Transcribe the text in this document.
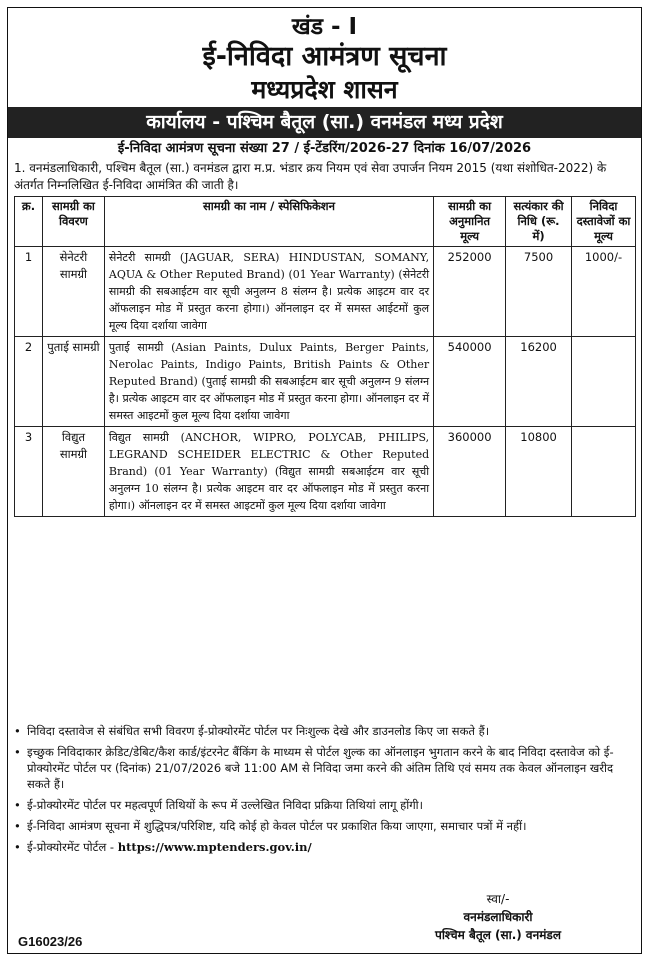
खंड - I
ई-निविदा आमंत्रण सूचना
मध्यप्रदेश शासन
कार्यालय - पश्चिम बैतूल (सा.) वनमंडल मध्य प्रदेश
ई-निविदा आमंत्रण सूचना संख्या 27 / ई-टेंडरिंग/2026-27 दिनांक 16/07/2026
1. वनमंडलाधिकारी, पश्चिम बैतूल (सा.) वनमंडल द्वारा म.प्र. भंडार क्रय नियम एवं सेवा उपार्जन नियम 2015 (यथा संशोधित-2022) के अंतर्गत निम्नलिखित ई-निविदा आमंत्रित की जाती है।
क्र.	सामग्री का विवरण	सामग्री का नाम / स्पेसिफिकेशन	सामग्री का अनुमानित मूल्य	सत्यंकार की निधि (रू. में)	निविदा दस्तावेजों का मूल्य
1	सेनेटरी सामग्री	सेनेटरी सामग्री (JAGUAR, SERA) HINDUSTAN, SOMANY, AQUA & Other Reputed Brand) (01 Year Warranty) (सेनेटरी सामग्री की सबआईटम वार सूची अनुलग्न 8 संलग्न है। प्रत्येक आइटम वार दर ऑफलाइन मोड में प्रस्तुत करना होगा।) ऑनलाइन दर में समस्त आईटमों कुल मूल्य दिया दर्शाया जावेगा	252000	7500	1000/-
2	पुताई सामग्री	पुताई सामग्री (Asian Paints, Dulux Paints, Berger Paints, Nerolac Paints, Indigo Paints, British Paints & Other Reputed Brand) (पुताई सामग्री की सबआईटम बार सूची अनुलग्न 9 संलग्न है। प्रत्येक आइटम वार दर ऑफलाइन मोड में प्रस्तुत करना होगा। ऑनलाइन दर में समस्त आइटमों कुल मूल्य दिया दर्शाया जावेगा	540000	16200	
3	विद्युत सामग्री	विद्युत सामग्री (ANCHOR, WIPRO, POLYCAB, PHILIPS, LEGRAND SCHEIDER ELECTRIC & Other Reputed Brand) (01 Year Warranty) (विद्युत सामग्री सबआईटम वार सूची अनुलग्न 10 संलग्न है। प्रत्येक आइटम वार दर ऑफलाइन मोड में प्रस्तुत करना होगा।) ऑनलाइन दर में समस्त आइटमों कुल मूल्य दिया दर्शाया जावेगा	360000	10800	
• निविदा दस्तावेज से संबंधित सभी विवरण ई-प्रोक्योरमेंट पोर्टल पर निःशुल्क देखे और डाउनलोड किए जा सकते हैं।
• इच्छुक निविदाकार क्रेडिट/डेबिट/कैश कार्ड/इंटरनेट बैंकिंग के माध्यम से पोर्टल शुल्क का ऑनलाइन भुगतान करने के बाद निविदा दस्तावेज को ई-प्रोक्योरमेंट पोर्टल पर (दिनांक) 21/07/2026 बजे 11:00 AM से निविदा जमा करने की अंतिम तिथि एवं समय तक केवल ऑनलाइन खरीद सकते हैं।
• ई-प्रोक्योरमेंट पोर्टल पर महत्वपूर्ण तिथियों के रूप में उल्लेखित निविदा प्रक्रिया तिथियां लागू होंगी।
• ई-निविदा आमंत्रण सूचना में शुद्धिपत्र/परिशिष्ट, यदि कोई हो केवल पोर्टल पर प्रकाशित किया जाएगा, समाचार पत्रों में नहीं।
• ई-प्रोक्योरमेंट पोर्टल - https://www.mptenders.gov.in/
स्वा/-
वनमंडलाधिकारी
पश्चिम बैतूल (सा.) वनमंडल
G16023/26
